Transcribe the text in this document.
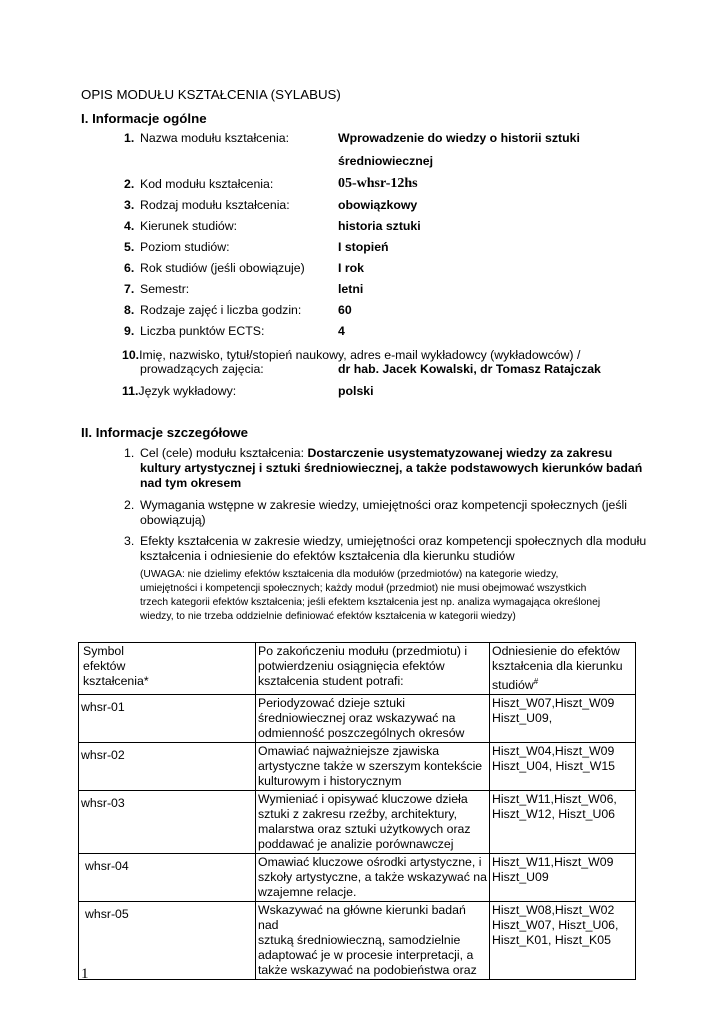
OPIS MODUŁU KSZTAŁCENIA (SYLABUS)
I. Informacje ogólne
1. Nazwa modułu kształcenia:	Wprowadzenie do wiedzy o historii sztuki
średniowiecznej
2. Kod modułu kształcenia:	05-whsr-12hs
3. Rodzaj modułu kształcenia:	obowiązkowy
4. Kierunek studiów:	historia sztuki
5. Poziom studiów:	I stopień
6. Rok studiów (jeśli obowiązuje)	I rok
7. Semestr:	letni
8. Rodzaje zajęć i liczba godzin:	60
9. Liczba punktów ECTS:	4
10.Imię, nazwisko, tytuł/stopień naukowy, adres e-mail wykładowcy (wykładowców) /
prowadzących zajęcia:	dr hab. Jacek Kowalski, dr Tomasz Ratajczak
11.Język wykładowy:	polski
II. Informacje szczegółowe
1. Cel (cele) modułu kształcenia: Dostarczenie usystematyzowanej wiedzy za zakresu
kultury artystycznej i sztuki średniowiecznej, a także podstawowych kierunków badań
nad tym okresem
2. Wymagania wstępne w zakresie wiedzy, umiejętności oraz kompetencji społecznych (jeśli
obowiązują)
3. Efekty kształcenia w zakresie wiedzy, umiejętności oraz kompetencji społecznych dla modułu
kształcenia i odniesienie do efektów kształcenia dla kierunku studiów
(UWAGA: nie dzielimy efektów kształcenia dla modułów (przedmiotów) na kategorie wiedzy,
umiejętności i kompetencji społecznych; każdy moduł (przedmiot) nie musi obejmować wszystkich
trzech kategorii efektów kształcenia; jeśli efektem kształcenia jest np. analiza wymagająca określonej
wiedzy, to nie trzeba oddzielnie definiować efektów kształcenia w kategorii wiedzy)
Symbol
efektów
kształcenia*	Po zakończeniu modułu (przedmiotu) i
potwierdzeniu osiągnięcia efektów
kształcenia student potrafi:	Odniesienie do efektów
kształcenia dla kierunku
studiów#
whsr-01	Periodyzować dzieje sztuki
średniowiecznej oraz wskazywać na
odmienność poszczególnych okresów	Hiszt_W07,Hiszt_W09
Hiszt_U09,
whsr-02	Omawiać najważniejsze zjawiska
artystyczne także w szerszym kontekście
kulturowym i historycznym	Hiszt_W04,Hiszt_W09
Hiszt_U04, Hiszt_W15
whsr-03	Wymieniać i opisywać kluczowe dzieła
sztuki z zakresu rzeźby, architektury,
malarstwa oraz sztuki użytkowych oraz
poddawać je analizie porównawczej	Hiszt_W11,Hiszt_W06,
Hiszt_W12, Hiszt_U06
whsr-04	Omawiać kluczowe ośrodki artystyczne, i
szkoły artystyczne, a także wskazywać na
wzajemne relacje.	Hiszt_W11,Hiszt_W09
Hiszt_U09
whsr-05	Wskazywać na główne kierunki badań nad
sztuką średniowieczną, samodzielnie
adaptować je w procesie interpretacji, a
także wskazywać na podobieństwa oraz	Hiszt_W08,Hiszt_W02
Hiszt_W07, Hiszt_U06,
Hiszt_K01, Hiszt_K05
1
